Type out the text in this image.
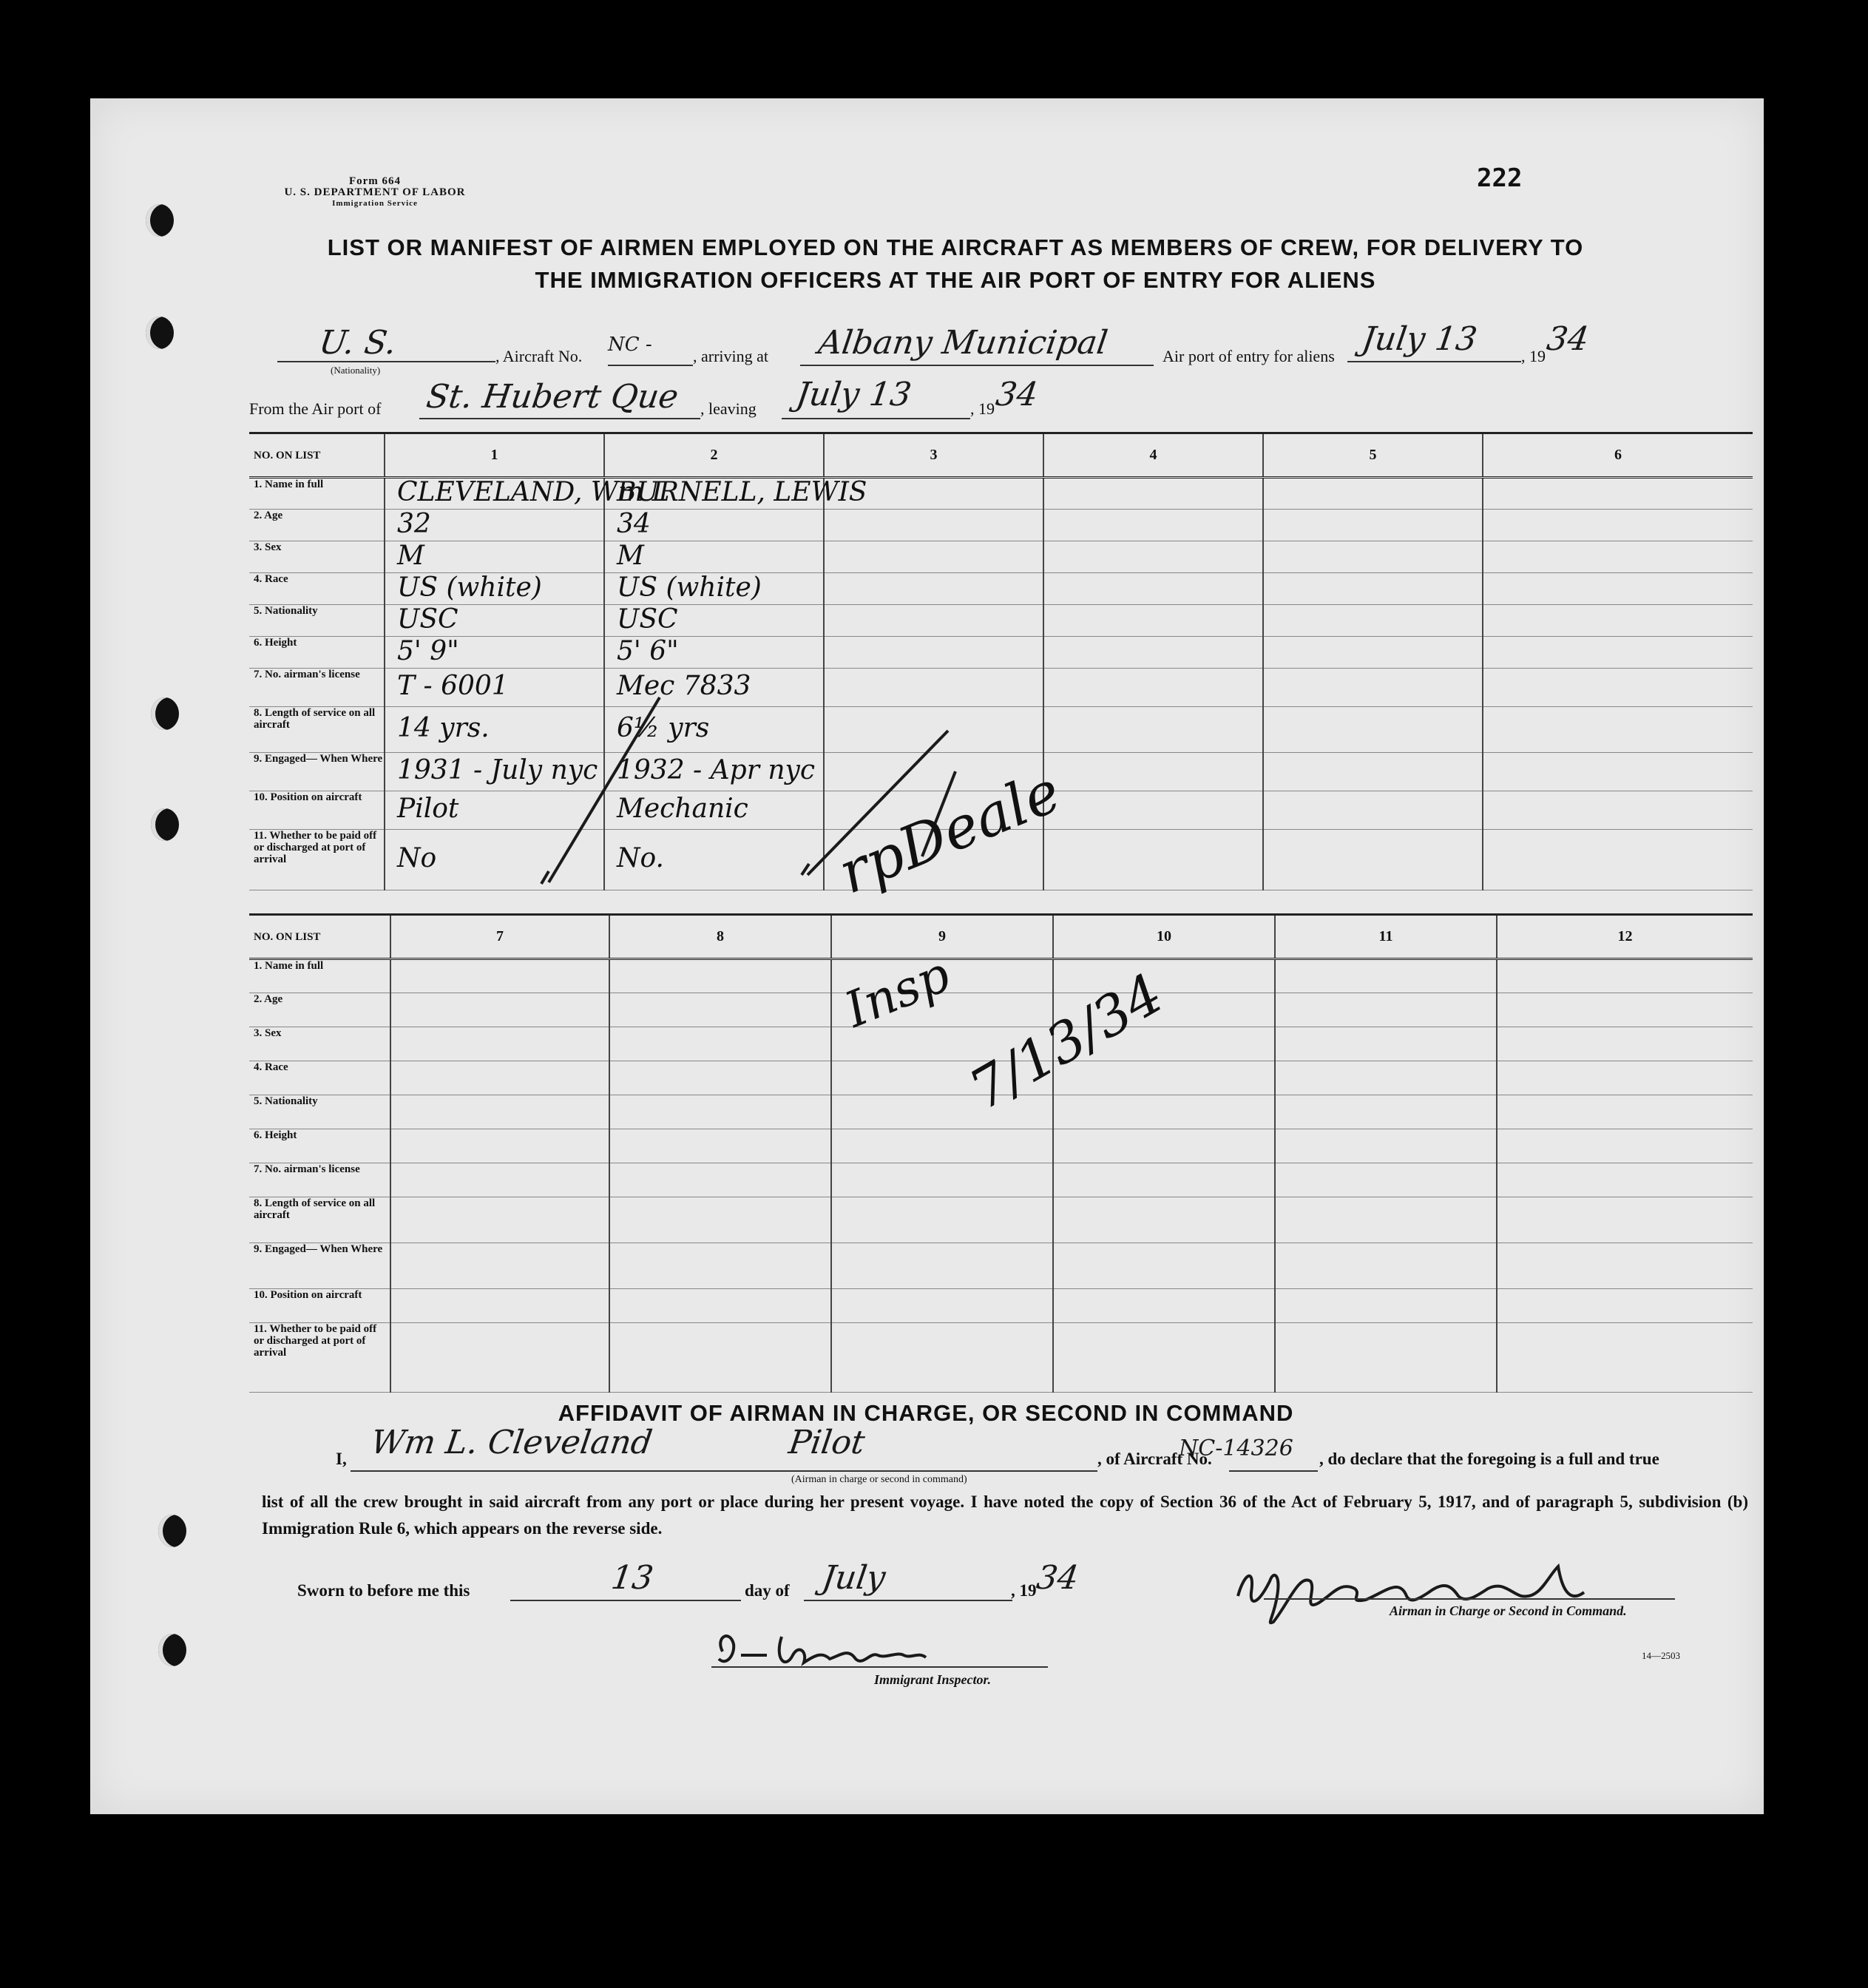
Form 664
U. S. DEPARTMENT OF LABOR
Immigration Service
222
LIST OR MANIFEST OF AIRMEN EMPLOYED ON THE AIRCRAFT AS MEMBERS OF CREW, FOR DELIVERY TO
THE IMMIGRATION OFFICERS AT THE AIR PORT OF ENTRY FOR ALIENS
U. S.
(Nationality)
, Aircraft No.
NC -
, arriving at Albany Municipal	Air port of entry for aliens July 13	, 19
34
From the Air port of St. Hubert Que , leaving July 13	, 19
34
NO. ON LIST	1	2	3	4	5	6
1. Name in full	CLEVELAND, Wm L	BURNELL, LEWIS				

2. Age	32	34				

3. Sex	M	M				

4. Race	US (white)	US (white)				

5. Nationality	USC	USC				

6. Height	5' 9"	5' 6"				

7. No. airman's license	T - 6001	Mec 7833				

8. Length of service on all aircraft	14 yrs.	6½ yrs				

9. Engaged— When Where	1931 - July nyc	1932 - Apr nyc				

10. Position on aircraft	Pilot	Mechanic				

11. Whether to be paid off or discharged at port of arrival	No	No.				

NO. ON LIST	7	8	9	10	11	12
1. Name in full						
2. Age						
3. Sex						
4. Race						
5. Nationality						
6. Height						
7. No. airman's license						
8. Length of service on all aircraft						
9. Engaged— When Where						
10. Position on aircraft						
11. Whether to be paid off or discharged at port of arrival						
rpDeale
Insp 7/13/34
AFFIDAVIT OF AIRMAN IN CHARGE, OR SECOND IN COMMAND
I, Wm L. Cleveland	Pilot
(Airman in charge or second in command)
, of Aircraft No.
NC-14326 , do declare that the foregoing is a full and true
list of all the crew brought in said aircraft from any port or place during her present voyage. I have noted the copy of Section 36 of the Act of February 5, 1917, and of paragraph 5, subdivision (b) Immigration Rule 6, which appears on the reverse side.
Sworn to before me this	13	day of July	, 19
34
Airman in Charge or Second in Command.
Immigrant Inspector.
14—2503
